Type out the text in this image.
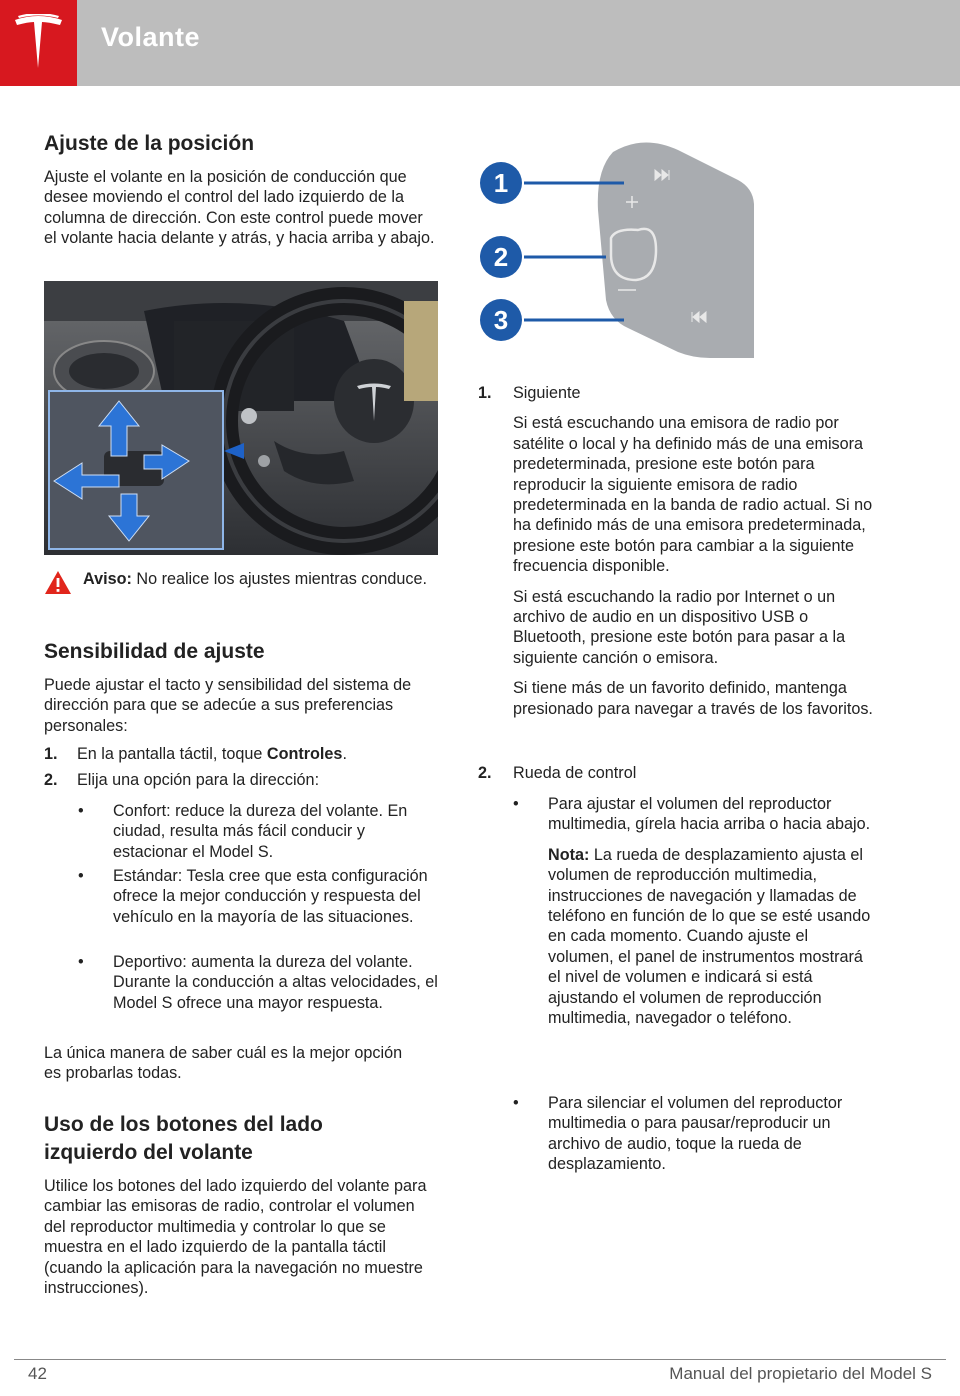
Volante
Ajuste de la posición

Ajuste el volante en la posición de conducción que desee moviendo el control del lado izquierdo de la columna de dirección. Con este control puede mover el volante hacia delante y atrás, y hacia arriba y abajo.

Aviso: No realice los ajustes mientras conduce.

Sensibilidad de ajuste

Puede ajustar el tacto y sensibilidad del sistema de dirección para que se adecúe a sus preferencias personales:

1. En la pantalla táctil, toque Controles.

2. Elija una opción para la dirección:

• Confort: reduce la dureza del volante. En ciudad, resulta más fácil conducir y estacionar el Model S.

• Estándar: Tesla cree que esta configuración ofrece la mejor conducción y respuesta del vehículo en la mayoría de las situaciones.

• Deportivo: aumenta la dureza del volante. Durante la conducción a altas velocidades, el Model S ofrece una mayor respuesta.

La única manera de saber cuál es la mejor opción es probarlas todas.

Uso de los botones del lado izquierdo del volante

Utilice los botones del lado izquierdo del volante para cambiar las emisoras de radio, controlar el volumen del reproductor multimedia y controlar lo que se muestra en el lado izquierdo de la pantalla táctil (cuando la aplicación para la navegación no muestre instrucciones).

1
2
3
1. Siguiente

Si está escuchando una emisora de radio por satélite o local y ha definido más de una emisora predeterminada, presione este botón para reproducir la siguiente emisora de radio predeterminada en la banda de radio actual. Si no ha definido más de una emisora predeterminada, presione este botón para cambiar a la siguiente frecuencia disponible.

Si está escuchando la radio por Internet o un archivo de audio en un dispositivo USB o Bluetooth, presione este botón para pasar a la siguiente canción o emisora.

Si tiene más de un favorito definido, mantenga presionado para navegar a través de los favoritos.

2. Rueda de control

• Para ajustar el volumen del reproductor multimedia, gírela hacia arriba o hacia abajo.

Nota: La rueda de desplazamiento ajusta el volumen de reproducción multimedia, instrucciones de navegación y llamadas de teléfono en función de lo que se esté usando en cada momento. Cuando ajuste el volumen, el panel de instrumentos mostrará el nivel de volumen e indicará si está ajustando el volumen de reproducción multimedia, navegador o teléfono.

• Para silenciar el volumen del reproductor multimedia o para pausar/reproducir un archivo de audio, toque la rueda de desplazamiento.

42	Manual del propietario del Model S
